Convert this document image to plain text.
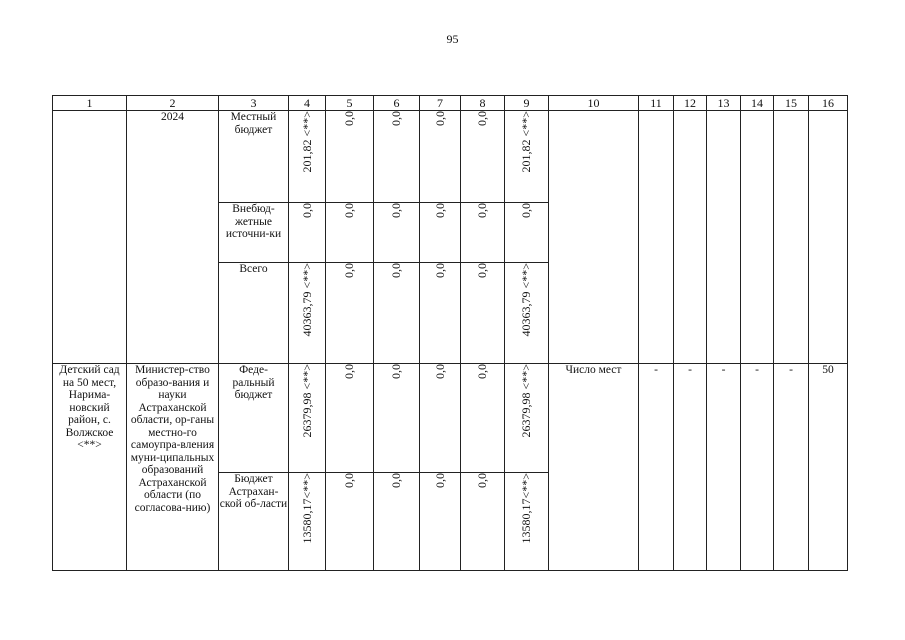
95
1	2	3	4	5	6	7	8	9	10	11	12	13	14	15	16
	2024	Местный бюджет	201,82 <**>	0,0	0,0	0,0	0,0	201,82 <**>							
		Внебюд-жетные источни-ки	0,0	0,0	0,0	0,0	0,0	0,0							
		Всего	40363,79 <**>	0,0	0,0	0,0	0,0	40363,79 <**>							
Детский сад на 50 мест, Нарима-новский район, с. Волжское <**>	Министер-ство образо-вания и науки Астраханской области, ор-ганы местно-го самоупра-вления муни-ципальных образований Астраханской области (по согласова-нию)	Феде-ральный бюджет	26379,98 <**>	0,0	0,0	0,0	0,0	26379,98 <**>	Число мест	-	-	-	-	-	50
		Бюджет Астрахан-ской об-ласти	13580,17<**>	0,0	0,0	0,0	0,0	13580,17<**>							
